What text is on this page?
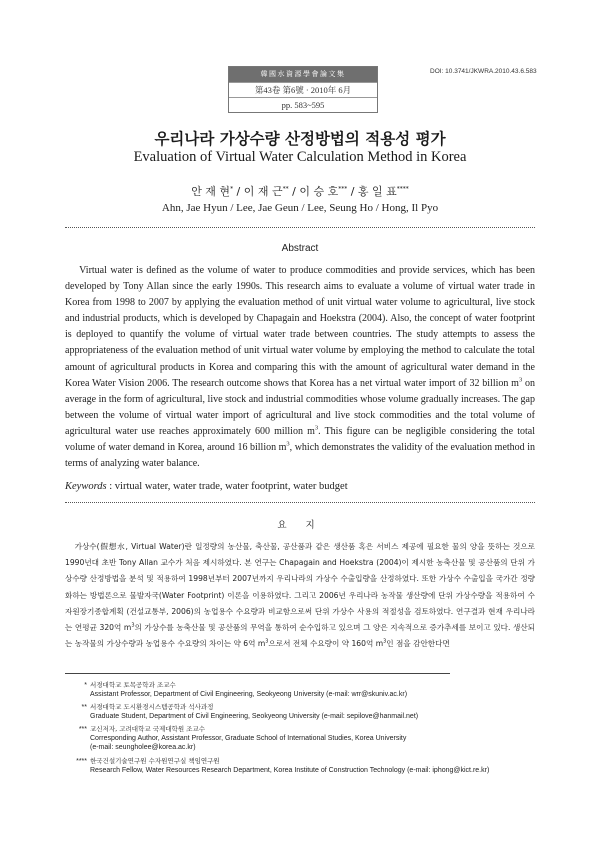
韓國水資源學會論文集
第43卷 第6號 · 2010年 6月
pp. 583~595
DOI: 10.3741/JKWRA.2010.43.6.583
우리나라 가상수량 산정방법의 적용성 평가
Evaluation of Virtual Water Calculation Method in Korea
안 재 현* / 이 재 근** / 이 승 호*** / 홍 일 표****
Ahn, Jae Hyun / Lee, Jae Geun / Lee, Seung Ho / Hong, Il Pyo
Abstract
Virtual water is defined as the volume of water to produce commodities and provide services, which has been developed by Tony Allan since the early 1990s. This research aims to evaluate a volume of virtual water trade in Korea from 1998 to 2007 by applying the evaluation method of unit virtual water volume to agricultural, live stock and industrial products, which is developed by Chapagain and Hoekstra (2004). Also, the concept of water footprint is deployed to quantify the volume of virtual water trade between countries. The study attempts to assess the appropriateness of the evaluation method of unit virtual water volume by employing the method to calculate the total amount of agricultural products in Korea and comparing this with the amount of agricultural water demand in the Korea Water Vision 2006. The research outcome shows that Korea has a net virtual water import of 32 billion $m^3$ on average in the form of agricultural, live stock and industrial commodities whose volume gradually increases. The gap between the volume of virtual water import of agricultural and live stock commodities and the total volume of agricultural water use reaches approximately 600 million $m^3$. This figure can be negligible considering the total volume of water demand in Korea, around 16 billion $m^3$, which demonstrates the validity of the evaluation method in terms of analyzing water balance.
Keywords : virtual water, water trade, water footprint, water budget
요 지
가상수(假想水, Virtual Water)란 일정량의 농산물, 축산물, 공산품과 같은 생산품 혹은 서비스 제공에 필요한 물의 양을 뜻하는 것으로 1990년대 초반 Tony Allan 교수가 처음 제시하였다. 본 연구는 Chapagain and Hoekstra (2004)이 제시한 농축산물 및 공산품의 단위 가상수량 산정방법을 분석 및 적용하여 1998년부터 2007년까지 우리나라의 가상수 수출입량을 산정하였다. 또한 가상수 수출입을 국가간 정량화하는 방법론으로 물발자국(Water Footprint) 이론을 이용하였다. 그리고 2006년 우리나라 농작물 생산량에 단위 가상수량을 적용하여 수자원장기종합계획 (건설교통부, 2006)의 농업용수 수요량과 비교함으로써 단위 가상수 사용의 적절성을 검토하였다. 연구결과 현재 우리나라는 연평균 320억 $m^3$의 가상수를 농축산물 및 공산품의 무역을 통하여 순수입하고 있으며 그 양은 지속적으로 증가추세를 보이고 있다. 생산되는 농작물의 가상수량과 농업용수 수요량의 차이는 약 6억 $m^3$으로서 전체 수요량이 약 160억 $m^3$인 점을 감안한다면
* 서경대학교 토목공학과 조교수
Assistant Professor, Department of Civil Engineering, Seokyeong University (e-mail: wrr@skuniv.ac.kr)
** 서경대학교 도시환경시스템공학과 석사과정
Graduate Student, Department of Civil Engineering, Seokyeong University (e-mail: sepilove@hanmail.net)
*** 교신저자, 고려대학교 국제대학원 조교수
Corresponding Author, Assistant Professor, Graduate School of International Studies, Korea University
(e-mail: seungholee@korea.ac.kr)
**** 한국건설기술연구원 수자원연구실 책임연구원
Research Fellow, Water Resources Research Department, Korea Institute of Construction Technology (e-mail: iphong@kict.re.kr)
